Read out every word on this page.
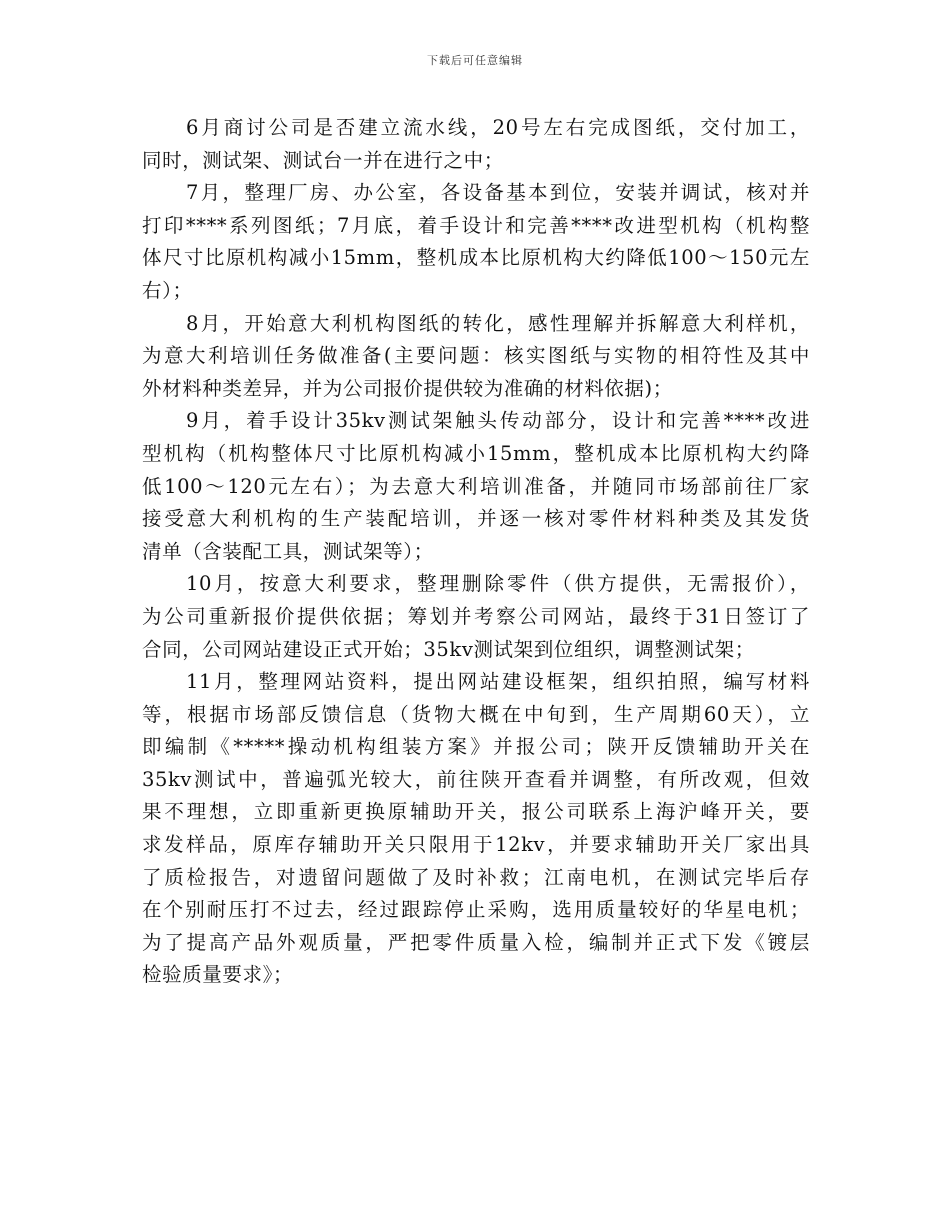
下载后可任意编辑
6月商讨公司是否建立流水线，20号左右完成图纸，交付加工，
同时，测试架、测试台一并在进行之中；
7月，整理厂房、办公室，各设备基本到位，安装并调试，核对并
打印****系列图纸；7月底，着手设计和完善****改进型机构（机构整
体尺寸比原机构减小15mm，整机成本比原机构大约降低100～150元左
右）；
8月，开始意大利机构图纸的转化，感性理解并拆解意大利样机，
为意大利培训任务做准备(主要问题：核实图纸与实物的相符性及其中
外材料种类差异，并为公司报价提供较为准确的材料依据)；
9月，着手设计35kv测试架触头传动部分，设计和完善****改进
型机构（机构整体尺寸比原机构减小15mm，整机成本比原机构大约降
低100～120元左右）；为去意大利培训准备，并随同市场部前往厂家
接受意大利机构的生产装配培训，并逐一核对零件材料种类及其发货
清单（含装配工具，测试架等）；
10月，按意大利要求，整理删除零件（供方提供，无需报价），
为公司重新报价提供依据；筹划并考察公司网站，最终于31日签订了
合同，公司网站建设正式开始；35kv测试架到位组织，调整测试架；
11月，整理网站资料，提出网站建设框架，组织拍照，编写材料
等，根据市场部反馈信息（货物大概在中旬到，生产周期60天），立
即编制《*****操动机构组装方案》并报公司；陕开反馈辅助开关在
35kv测试中，普遍弧光较大，前往陕开查看并调整，有所改观，但效
果不理想，立即重新更换原辅助开关，报公司联系上海沪峰开关，要
求发样品，原库存辅助开关只限用于12kv，并要求辅助开关厂家出具
了质检报告，对遗留问题做了及时补救；江南电机，在测试完毕后存
在个别耐压打不过去，经过跟踪停止采购，选用质量较好的华星电机；
为了提高产品外观质量，严把零件质量入检，编制并正式下发《镀层
检验质量要求》；
